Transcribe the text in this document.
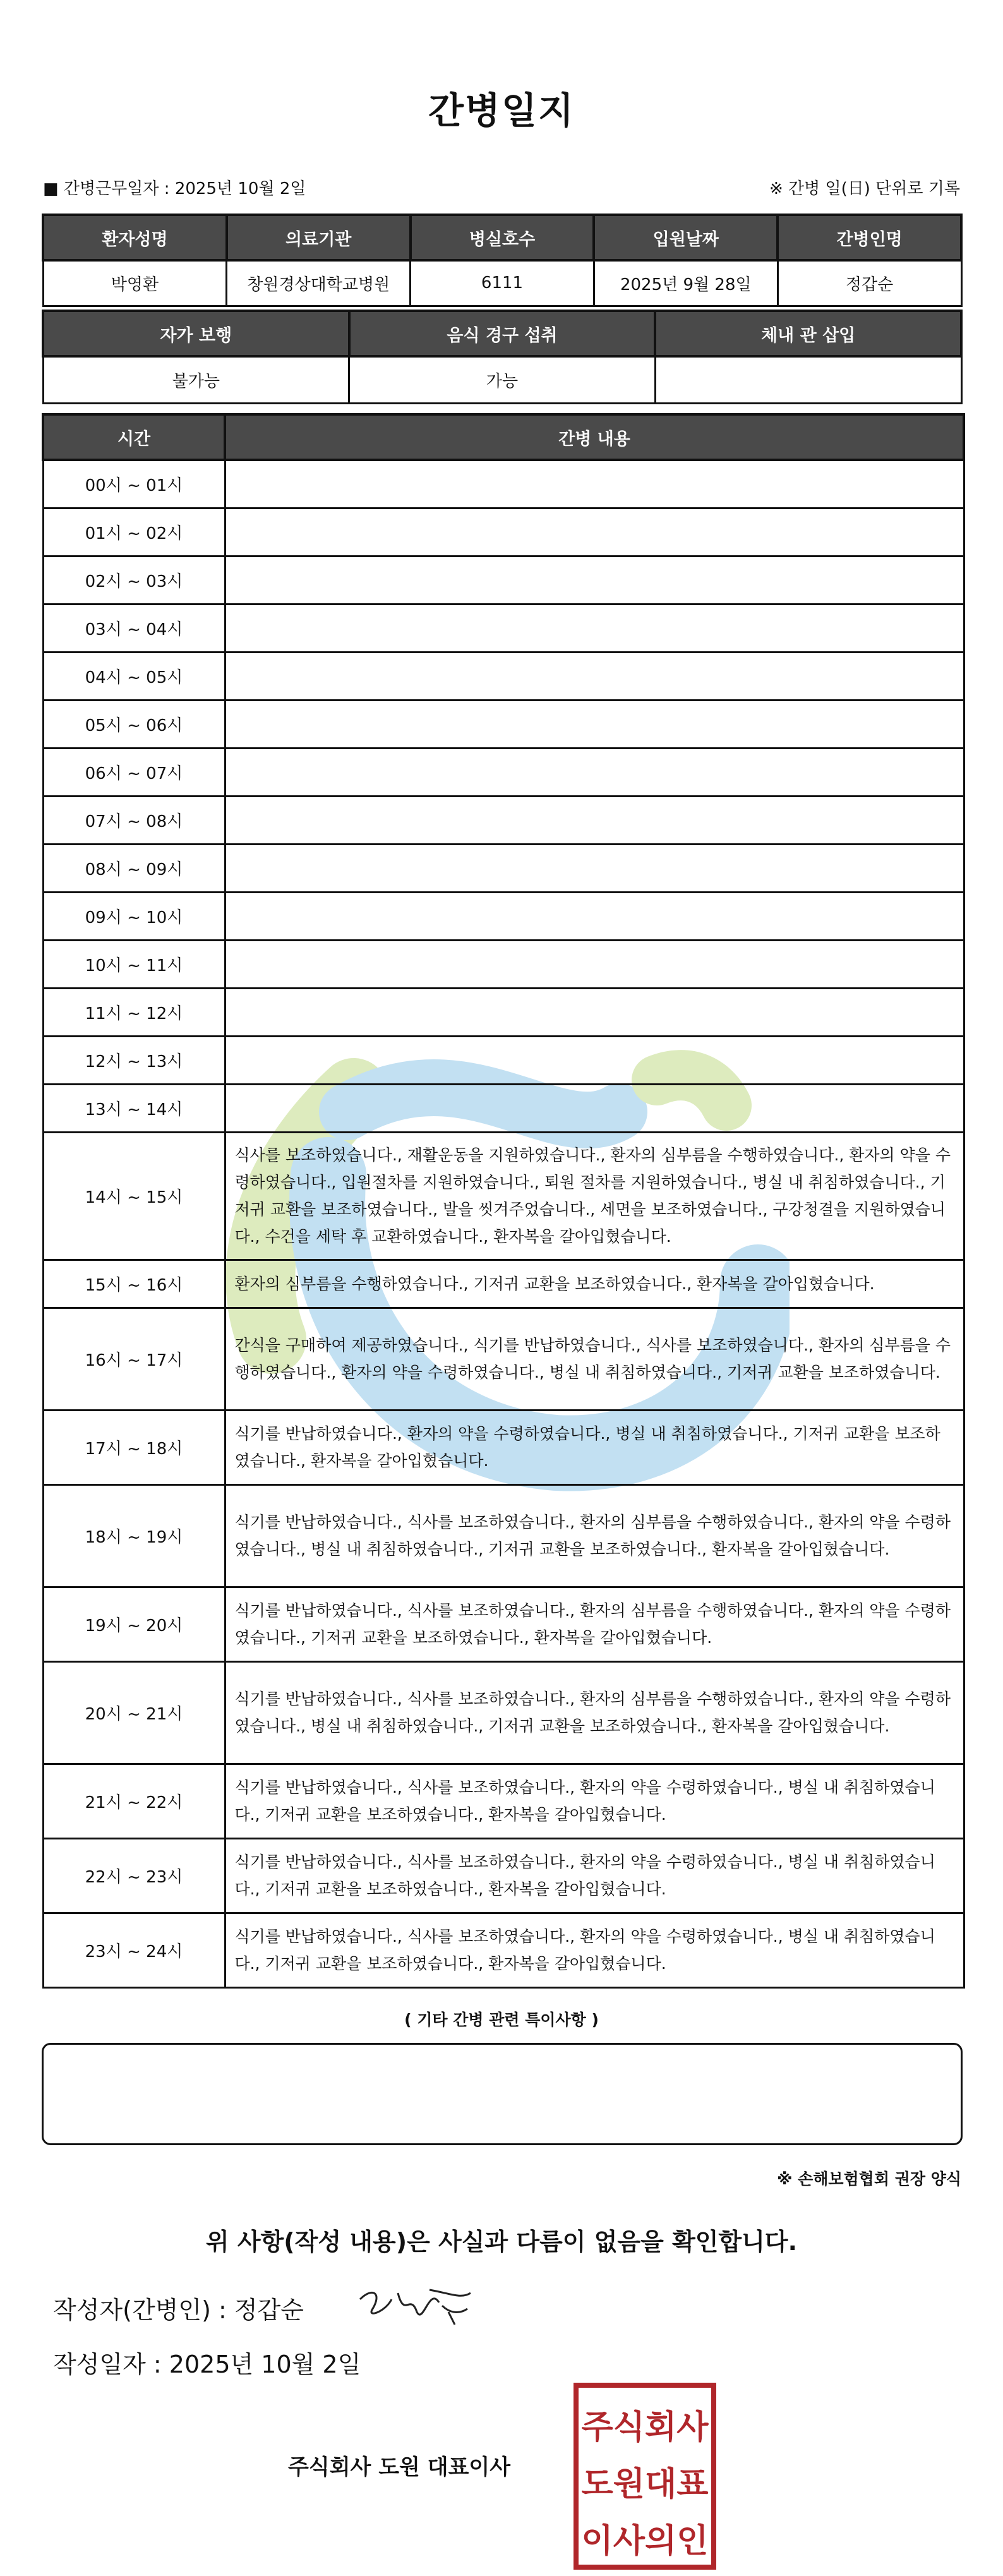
간병일지
■ 간병근무일자 : 2025년 10월 2일	※ 간병 일(日) 단위로 기록
환자성명	의료기관	병실호수	입원날짜	간병인명
박영환	창원경상대학교병원	6111	2025년 9월 28일	정갑순
자가 보행	음식 경구 섭취	체내 관 삽입
불가능	가능	
시간	간병 내용
00시 ~ 01시	
01시 ~ 02시	
02시 ~ 03시	
03시 ~ 04시	
04시 ~ 05시	
05시 ~ 06시	
06시 ~ 07시	
07시 ~ 08시	
08시 ~ 09시	
09시 ~ 10시	
10시 ~ 11시	
11시 ~ 12시	
12시 ~ 13시	
13시 ~ 14시	
14시 ~ 15시	식사를 보조하였습니다., 재활운동을 지원하였습니다., 환자의 심부름을 수행하였습니다., 환자의 약을 수령하였습니다., 입원절차를 지원하였습니다., 퇴원 절차를 지원하였습니다., 병실 내 취침하였습니다., 기저귀 교환을 보조하였습니다., 발을 씻겨주었습니다., 세면을 보조하였습니다., 구강청결을 지원하였습니다., 수건을 세탁 후 교환하였습니다., 환자복을 갈아입혔습니다.
15시 ~ 16시	환자의 심부름을 수행하였습니다., 기저귀 교환을 보조하였습니다., 환자복을 갈아입혔습니다.
16시 ~ 17시	간식을 구매하여 제공하였습니다., 식기를 반납하였습니다., 식사를 보조하였습니다., 환자의 심부름을 수행하였습니다., 환자의 약을 수령하였습니다., 병실 내 취침하였습니다., 기저귀 교환을 보조하였습니다.
17시 ~ 18시	식기를 반납하였습니다., 환자의 약을 수령하였습니다., 병실 내 취침하였습니다., 기저귀 교환을 보조하였습니다., 환자복을 갈아입혔습니다.
18시 ~ 19시	식기를 반납하였습니다., 식사를 보조하였습니다., 환자의 심부름을 수행하였습니다., 환자의 약을 수령하였습니다., 병실 내 취침하였습니다., 기저귀 교환을 보조하였습니다., 환자복을 갈아입혔습니다.
19시 ~ 20시	식기를 반납하였습니다., 식사를 보조하였습니다., 환자의 심부름을 수행하였습니다., 환자의 약을 수령하였습니다., 기저귀 교환을 보조하였습니다., 환자복을 갈아입혔습니다.
20시 ~ 21시	식기를 반납하였습니다., 식사를 보조하였습니다., 환자의 심부름을 수행하였습니다., 환자의 약을 수령하였습니다., 병실 내 취침하였습니다., 기저귀 교환을 보조하였습니다., 환자복을 갈아입혔습니다.
21시 ~ 22시	식기를 반납하였습니다., 식사를 보조하였습니다., 환자의 약을 수령하였습니다., 병실 내 취침하였습니다., 기저귀 교환을 보조하였습니다., 환자복을 갈아입혔습니다.
22시 ~ 23시	식기를 반납하였습니다., 식사를 보조하였습니다., 환자의 약을 수령하였습니다., 병실 내 취침하였습니다., 기저귀 교환을 보조하였습니다., 환자복을 갈아입혔습니다.
23시 ~ 24시	식기를 반납하였습니다., 식사를 보조하였습니다., 환자의 약을 수령하였습니다., 병실 내 취침하였습니다., 기저귀 교환을 보조하였습니다., 환자복을 갈아입혔습니다.
( 기타 간병 관련 특이사항 )
※ 손해보험협회 권장 양식
위 사항(작성 내용)은 사실과 다름이 없음을 확인합니다.
작성자(간병인) : 정갑순
작성일자 : 2025년 10월 2일
주식회사 도원 대표이사
주식회사
도원대표
이사의인
